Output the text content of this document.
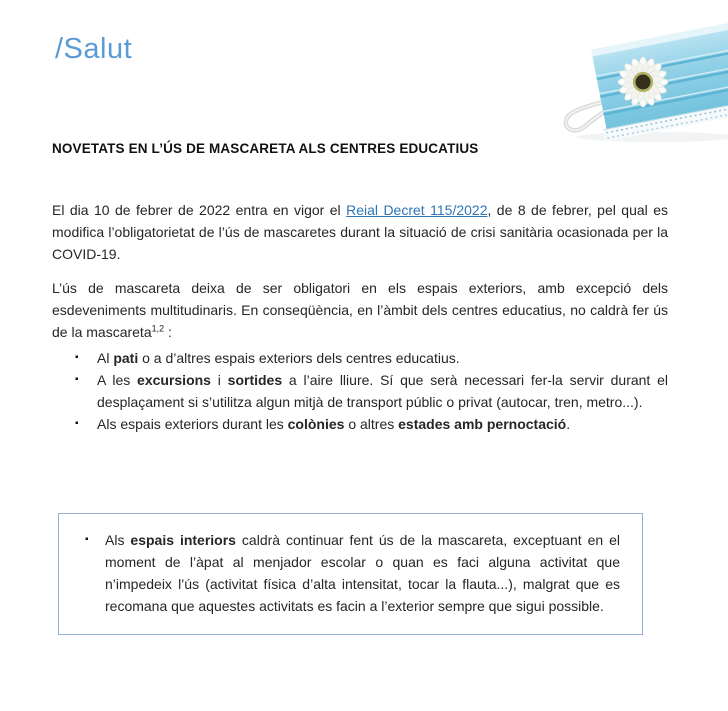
/Salut
NOVETATS EN L’ÚS DE MASCARETA ALS CENTRES EDUCATIUS

El dia 10 de febrer de 2022 entra en vigor el Reial Decret 115/2022, de 8 de febrer, pel qual es modifica l’obligatorietat de l’ús de mascaretes durant la situació de crisi sanitària ocasionada per la COVID-19.

L’ús de mascareta deixa de ser obligatori en els espais exteriors, amb excepció dels esdeveniments multitudinaris. En conseqüència, en l’àmbit dels centres educatius, no caldrà fer ús de la mascareta$^{1,2}$ :

▪ Al pati o a d’altres espais exteriors dels centres educatius.
▪ A les excursions i sortides a l’aire lliure. Sí que serà necessari fer-la servir durant el desplaçament si s’utilitza algun mitjà de transport públic o privat (autocar, tren, metro...).
▪ Als espais exteriors durant les colònies o altres estades amb pernoctació.
▪ Als espais interiors caldrà continuar fent ús de la mascareta, exceptuant en el moment de l’àpat al menjador escolar o quan es faci alguna activitat que n’impedeix l’ús (activitat física d’alta intensitat, tocar la flauta...), malgrat que es recomana que aquestes activitats es facin a l’exterior sempre que sigui possible.
